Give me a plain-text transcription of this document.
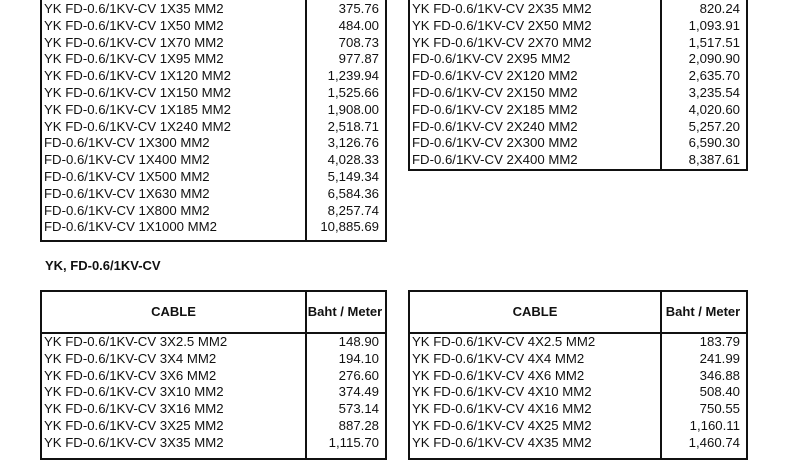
YK FD-0.6/1KV-CV 1X35 MM2	375.76
YK FD-0.6/1KV-CV 1X50 MM2	484.00
YK FD-0.6/1KV-CV 1X70 MM2	708.73
YK FD-0.6/1KV-CV 1X95 MM2	977.87
YK FD-0.6/1KV-CV 1X120 MM2	1,239.94
YK FD-0.6/1KV-CV 1X150 MM2	1,525.66
YK FD-0.6/1KV-CV 1X185 MM2	1,908.00
YK FD-0.6/1KV-CV 1X240 MM2	2,518.71
FD-0.6/1KV-CV 1X300 MM2	3,126.76
FD-0.6/1KV-CV 1X400 MM2	4,028.33
FD-0.6/1KV-CV 1X500 MM2	5,149.34
FD-0.6/1KV-CV 1X630 MM2	6,584.36
FD-0.6/1KV-CV 1X800 MM2	8,257.74
FD-0.6/1KV-CV 1X1000 MM2	10,885.69
YK FD-0.6/1KV-CV 2X35 MM2	820.24
YK FD-0.6/1KV-CV 2X50 MM2	1,093.91
YK FD-0.6/1KV-CV 2X70 MM2	1,517.51
FD-0.6/1KV-CV 2X95 MM2	2,090.90
FD-0.6/1KV-CV 2X120 MM2	2,635.70
FD-0.6/1KV-CV 2X150 MM2	3,235.54
FD-0.6/1KV-CV 2X185 MM2	4,020.60
FD-0.6/1KV-CV 2X240 MM2	5,257.20
FD-0.6/1KV-CV 2X300 MM2	6,590.30
FD-0.6/1KV-CV 2X400 MM2	8,387.61
YK, FD-0.6/1KV-CV
CABLE	Baht / Meter
YK FD-0.6/1KV-CV 3X2.5 MM2	148.90
YK FD-0.6/1KV-CV 3X4 MM2	194.10
YK FD-0.6/1KV-CV 3X6 MM2	276.60
YK FD-0.6/1KV-CV 3X10 MM2	374.49
YK FD-0.6/1KV-CV 3X16 MM2	573.14
YK FD-0.6/1KV-CV 3X25 MM2	887.28
YK FD-0.6/1KV-CV 3X35 MM2	1,115.70
CABLE	Baht / Meter
YK FD-0.6/1KV-CV 4X2.5 MM2	183.79
YK FD-0.6/1KV-CV 4X4 MM2	241.99
YK FD-0.6/1KV-CV 4X6 MM2	346.88
YK FD-0.6/1KV-CV 4X10 MM2	508.40
YK FD-0.6/1KV-CV 4X16 MM2	750.55
YK FD-0.6/1KV-CV 4X25 MM2	1,160.11
YK FD-0.6/1KV-CV 4X35 MM2	1,460.74
